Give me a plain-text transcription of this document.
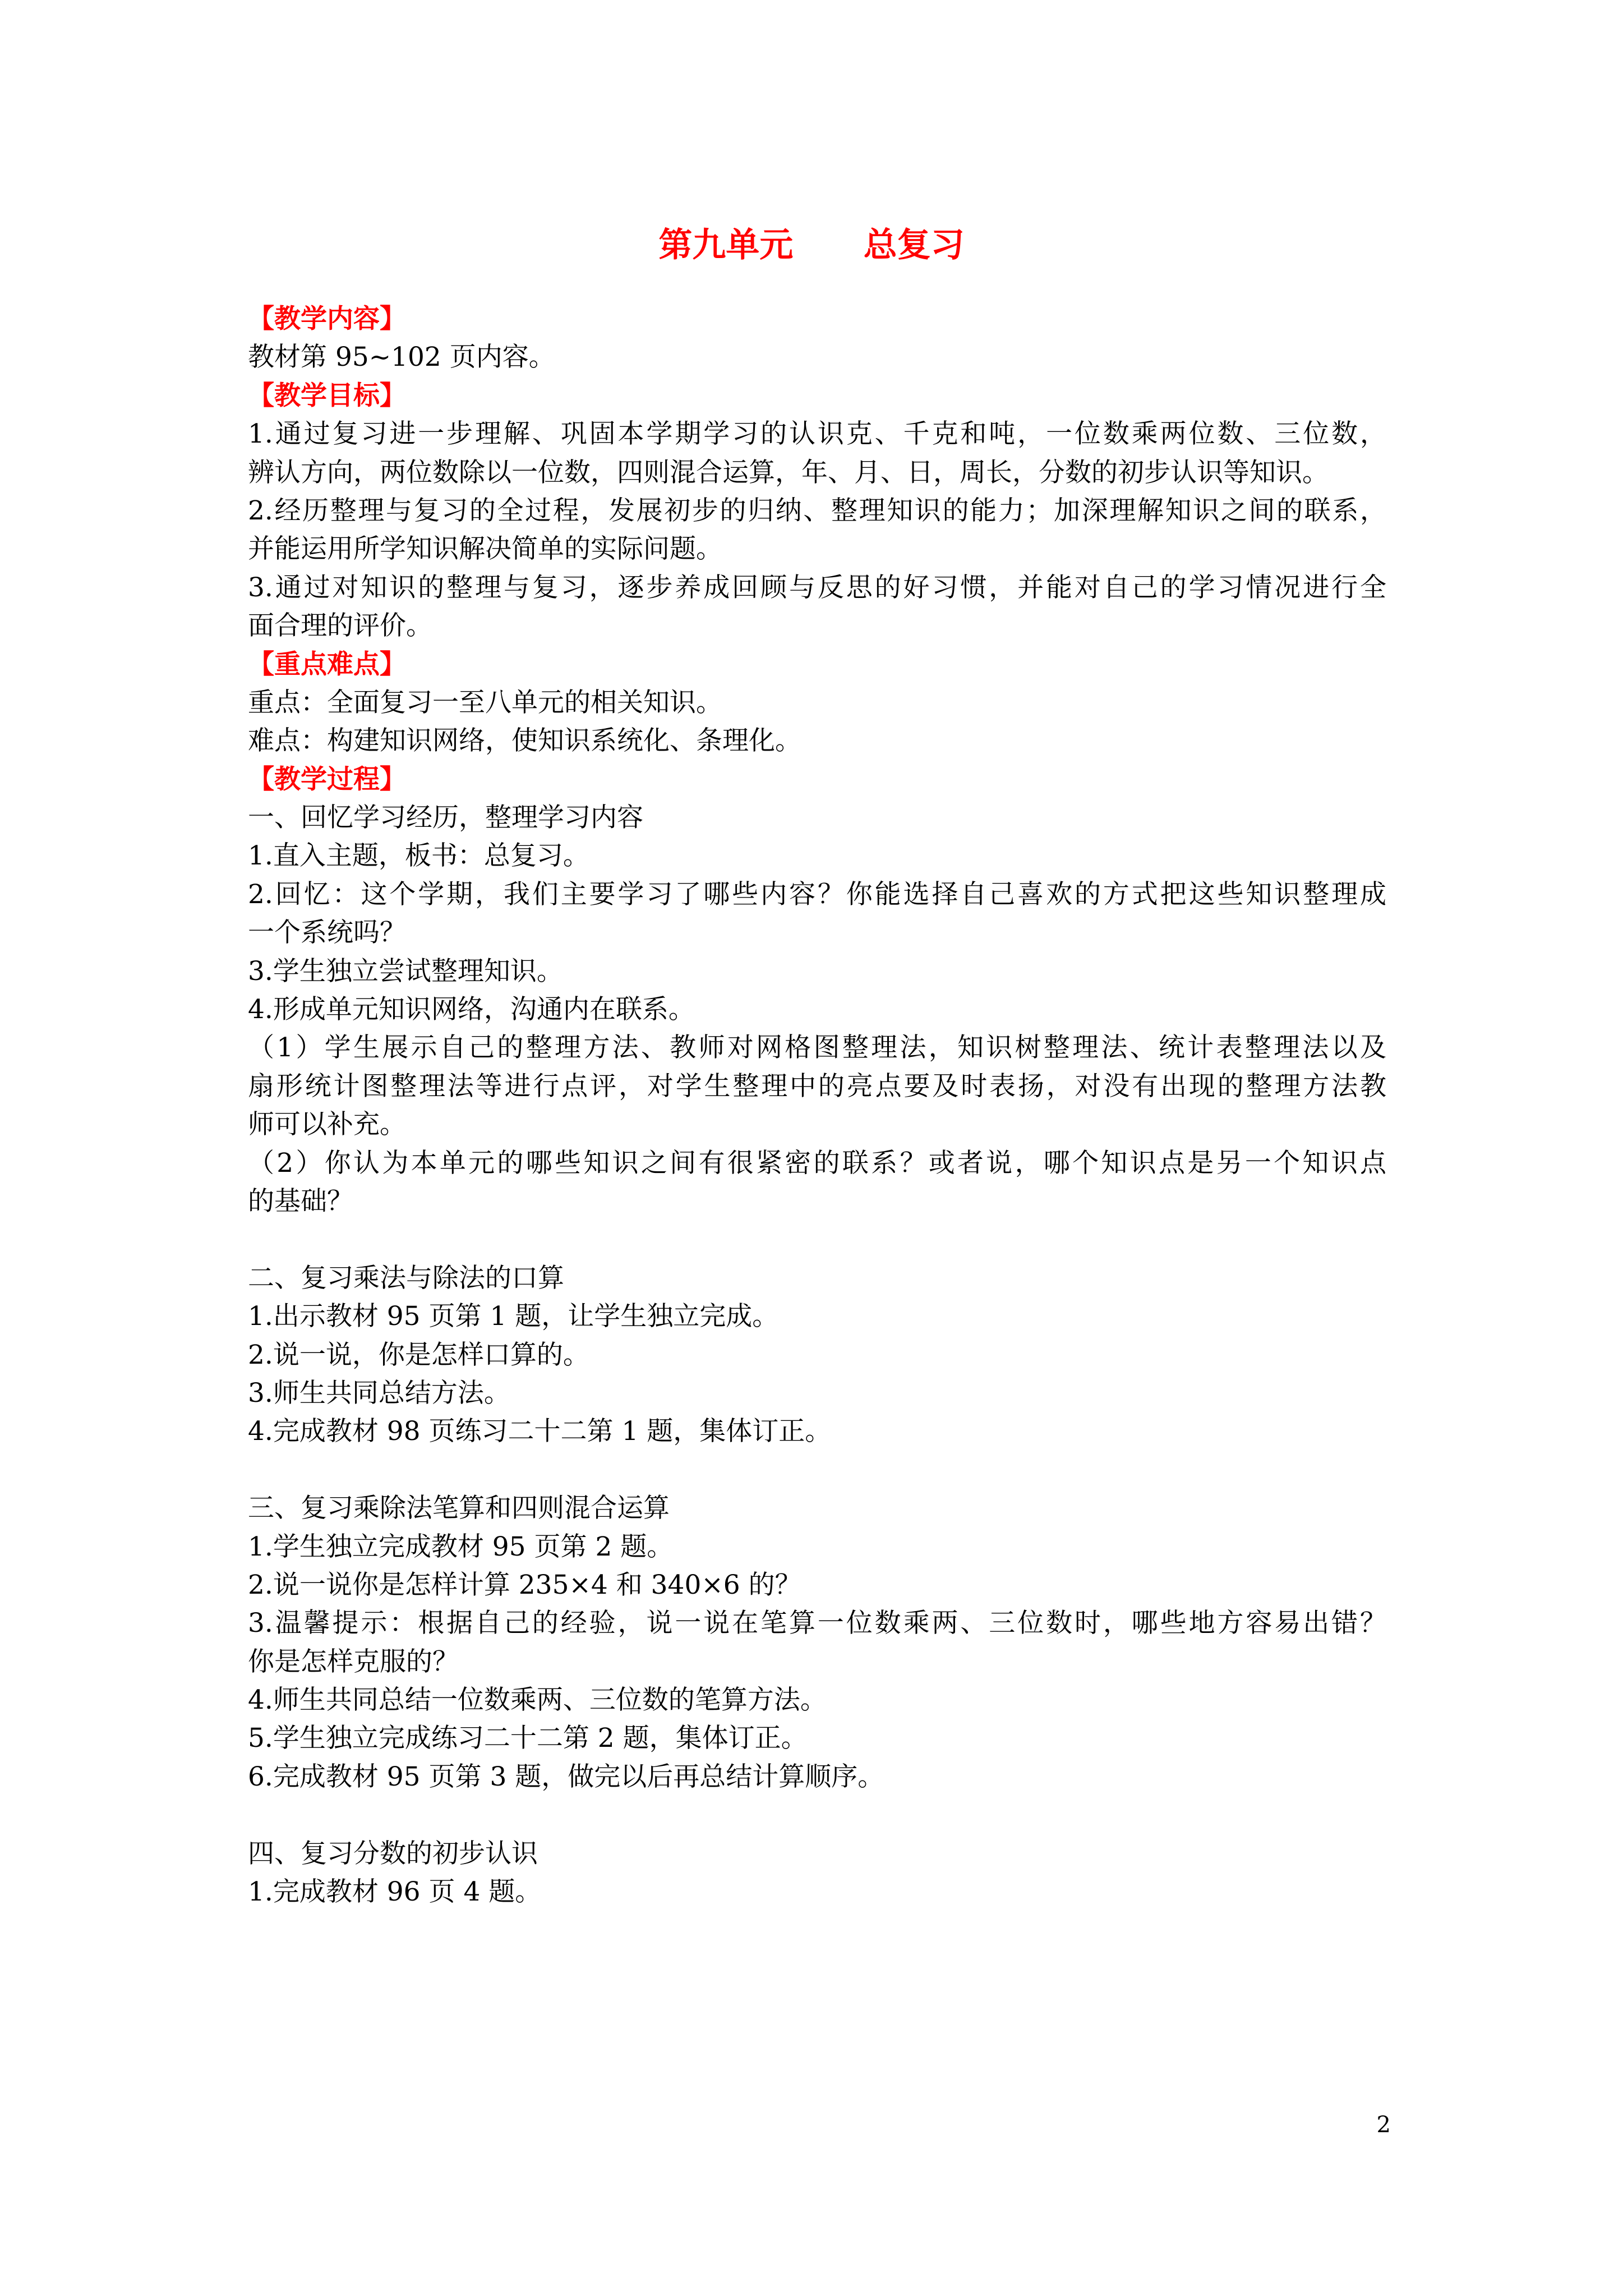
第九单元      总复习
【教学内容】
教材第 95~102 页内容。
【教学目标】
1.通过复习进一步理解、巩固本学期学习的认识克、千克和吨，一位数乘两位数、三位数，
辨认方向，两位数除以一位数，四则混合运算，年、月、日，周长，分数的初步认识等知识。
2.经历整理与复习的全过程，发展初步的归纳、整理知识的能力；加深理解知识之间的联系，
并能运用所学知识解决简单的实际问题。
3.通过对知识的整理与复习，逐步养成回顾与反思的好习惯，并能对自己的学习情况进行全
面合理的评价。
【重点难点】
重点：全面复习一至八单元的相关知识。
难点：构建知识网络，使知识系统化、条理化。
【教学过程】
一、回忆学习经历，整理学习内容
1.直入主题，板书：总复习。
2.回忆：这个学期，我们主要学习了哪些内容？你能选择自己喜欢的方式把这些知识整理成
一个系统吗？
3.学生独立尝试整理知识。
4.形成单元知识网络，沟通内在联系。
（1）学生展示自己的整理方法、教师对网格图整理法，知识树整理法、统计表整理法以及
扇形统计图整理法等进行点评，对学生整理中的亮点要及时表扬，对没有出现的整理方法教
师可以补充。
（2）你认为本单元的哪些知识之间有很紧密的联系？或者说，哪个知识点是另一个知识点
的基础？
二、复习乘法与除法的口算
1.出示教材 95 页第 1 题，让学生独立完成。
2.说一说，你是怎样口算的。
3.师生共同总结方法。
4.完成教材 98 页练习二十二第 1 题，集体订正。
三、复习乘除法笔算和四则混合运算
1.学生独立完成教材 95 页第 2 题。
2.说一说你是怎样计算 235×4 和 340×6 的？
3.温馨提示：根据自己的经验，说一说在笔算一位数乘两、三位数时，哪些地方容易出错？
你是怎样克服的？
4.师生共同总结一位数乘两、三位数的笔算方法。
5.学生独立完成练习二十二第 2 题，集体订正。
6.完成教材 95 页第 3 题，做完以后再总结计算顺序。
四、复习分数的初步认识
1.完成教材 96 页 4 题。
2
